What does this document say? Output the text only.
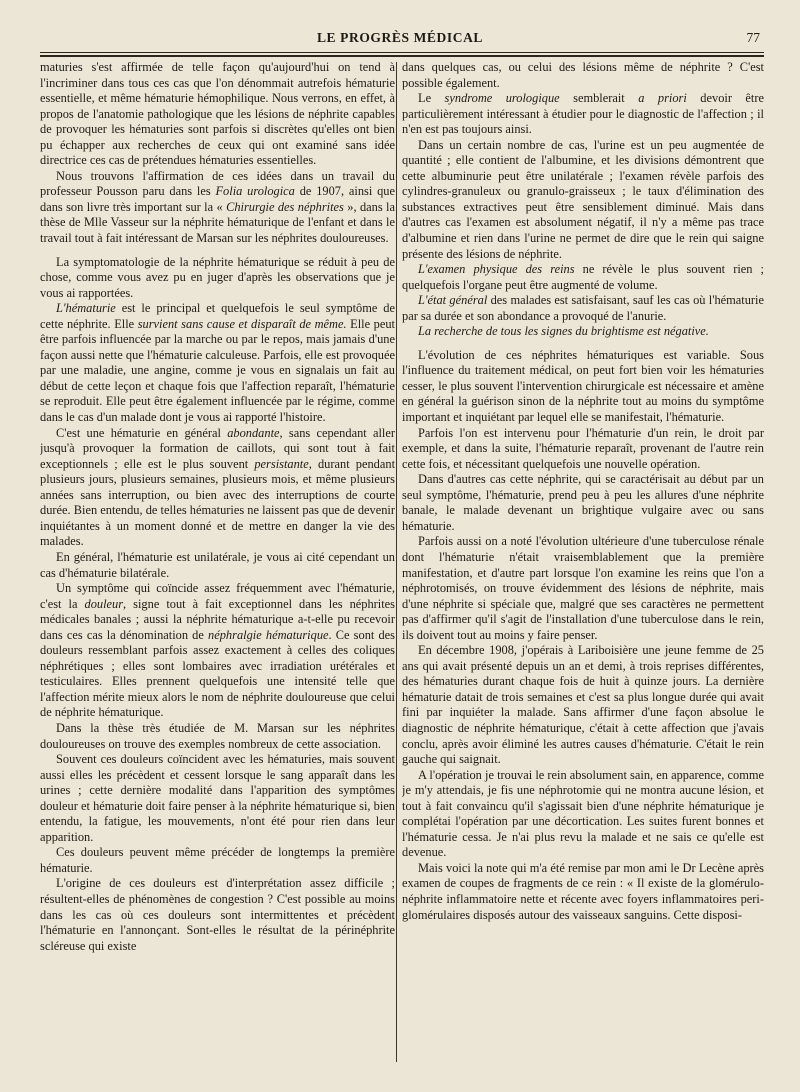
LE PROGRÈS MÉDICAL	77

maturies s'est affirmée de telle façon qu'aujourd'hui on tend à l'incriminer dans tous ces cas que l'on dénommait autrefois hématurie essentielle, et même hématurie hémophilique. Nous verrons, en effet, à propos de l'anatomie pathologique que les lésions de néphrite capables de provoquer les hématuries sont parfois si discrètes qu'elles ont bien pu échapper aux recherches de ceux qui ont examiné sans idée directrice ces cas de prétendues hématuries essentielles.

Nous trouvons l'affirmation de ces idées dans un travail du professeur Pousson paru dans les Folia urologica de 1907, ainsi que dans son livre très important sur la « Chirurgie des néphrites », dans la thèse de Mlle Vasseur sur la néphrite hématurique de l'enfant et dans le travail tout à fait intéressant de Marsan sur les néphrites douloureuses.

La symptomatologie de la néphrite hématurique se réduit à peu de chose, comme vous avez pu en juger d'après les observations que je vous ai rapportées.

L'hématurie est le principal et quelquefois le seul symptôme de cette néphrite. Elle survient sans cause et disparaît de même. Elle peut être parfois influencée par la marche ou par le repos, mais jamais d'une façon aussi nette que l'hématurie calculeuse. Parfois, elle est provoquée par une maladie, une angine, comme je vous en signalais un fait au début de cette leçon et chaque fois que l'affection reparaît, l'hématurie se reproduit. Elle peut être également influencée par le régime, comme dans le cas d'un malade dont je vous ai rapporté l'histoire.

C'est une hématurie en général abondante, sans cependant aller jusqu'à provoquer la formation de caillots, qui sont tout à fait exceptionnels ; elle est le plus souvent persistante, durant pendant plusieurs jours, plusieurs semaines, plusieurs mois, et même plusieurs années sans interruption, ou bien avec des interruptions de courte durée. Bien entendu, de telles hématuries ne laissent pas que de devenir inquiétantes à un moment donné et de mettre en danger la vie des malades.

En général, l'hématurie est unilatérale, je vous ai cité cependant un cas d'hématurie bilatérale.

Un symptôme qui coïncide assez fréquemment avec l'hématurie, c'est la douleur, signe tout à fait exceptionnel dans les néphrites médicales banales ; aussi la néphrite hématurique a-t-elle pu recevoir dans ces cas la dénomination de néphralgie hématurique. Ce sont des douleurs ressemblant parfois assez exactement à celles des coliques néphrétiques ; elles sont lombaires avec irradiation urétérales et testiculaires. Elles prennent quelquefois une intensité telle que l'affection mérite mieux alors le nom de néphrite douloureuse que celui de néphrite hématurique.

Dans la thèse très étudiée de M. Marsan sur les néphrites douloureuses on trouve des exemples nombreux de cette association.

Souvent ces douleurs coïncident avec les hématuries, mais souvent aussi elles les précèdent et cessent lorsque le sang apparaît dans les urines ; cette dernière modalité dans l'apparition des symptômes douleur et hématurie doit faire penser à la néphrite hématurique si, bien entendu, la fatigue, les mouvements, n'ont été pour rien dans leur apparition.

Ces douleurs peuvent même précéder de longtemps la première hématurie.

L'origine de ces douleurs est d'interprétation assez difficile ; résultent-elles de phénomènes de congestion ? C'est possible au moins dans les cas où ces douleurs sont intermittentes et précèdent l'hématurie en l'annonçant. Sont-elles le résultat de la périnéphrite scléreuse qui existe

dans quelques cas, ou celui des lésions même de néphrite ? C'est possible également.

Le syndrome urologique semblerait a priori devoir être particulièrement intéressant à étudier pour le diagnostic de l'affection ; il n'en est pas toujours ainsi.

Dans un certain nombre de cas, l'urine est un peu augmentée de quantité ; elle contient de l'albumine, et les divisions démontrent que cette albuminurie peut être unilatérale ; l'examen révèle parfois des cylindres-granuleux ou granulo-graisseux ; le taux d'élimination des substances extractives peut être sensiblement diminué. Mais dans d'autres cas l'examen est absolument négatif, il n'y a même pas trace d'albumine et rien dans l'urine ne permet de dire que le rein qui saigne présente des lésions de néphrite.

L'examen physique des reins ne révèle le plus souvent rien ; quelquefois l'organe peut être augmenté de volume.

L'état général des malades est satisfaisant, sauf les cas où l'hématurie par sa durée et son abondance a provoqué de l'anurie.

La recherche de tous les signes du brightisme est négative.

L'évolution de ces néphrites hématuriques est variable. Sous l'influence du traitement médical, on peut fort bien voir les hématuries cesser, le plus souvent l'intervention chirurgicale est nécessaire et amène en général la guérison sinon de la néphrite tout au moins du symptôme important et inquiétant par lequel elle se manifestait, l'hématurie.

Parfois l'on est intervenu pour l'hématurie d'un rein, le droit par exemple, et dans la suite, l'hématurie reparaît, provenant de l'autre rein cette fois, et nécessitant quelquefois une nouvelle opération.

Dans d'autres cas cette néphrite, qui se caractérisait au début par un seul symptôme, l'hématurie, prend peu à peu les allures d'une néphrite banale, le malade devenant un brightique vulgaire avec ou sans hématurie.

Parfois aussi on a noté l'évolution ultérieure d'une tuberculose rénale dont l'hématurie n'était vraisemblablement que la première manifestation, et d'autre part lorsque l'on examine les reins que l'on a néphrotomisés, on trouve évidemment des lésions de néphrite, mais d'une néphrite si spéciale que, malgré que ses caractères ne permettent pas d'affirmer qu'il s'agit de l'installation d'une tuberculose dans le rein, ils doivent tout au moins y faire penser.

En décembre 1908, j'opérais à Lariboisière une jeune femme de 25 ans qui avait présenté depuis un an et demi, à trois reprises différentes, des hématuries durant chaque fois de huit à quinze jours. La dernière hématurie datait de trois semaines et c'est sa plus longue durée qui avait fini par inquiéter la malade. Sans affirmer d'une façon absolue le diagnostic de néphrite hématurique, c'était à cette affection que j'avais conclu, après avoir éliminé les autres causes d'hématurie. C'était le rein gauche qui saignait.

A l'opération je trouvai le rein absolument sain, en apparence, comme je m'y attendais, je fis une néphrotomie qui ne montra aucune lésion, et tout à fait convaincu qu'il s'agissait bien d'une néphrite hématurique je complétai l'opération par une décortication. Les suites furent bonnes et l'hématurie cessa. Je n'ai plus revu la malade et ne sais ce qu'elle est devenue.

Mais voici la note qui m'a été remise par mon ami le Dr Lecène après examen de coupes de fragments de ce rein : « Il existe de la glomérulo-néphrite inflammatoire nette et récente avec foyers inflammatoires peri-glomérulaires disposés autour des vaisseaux sanguins. Cette disposi-
